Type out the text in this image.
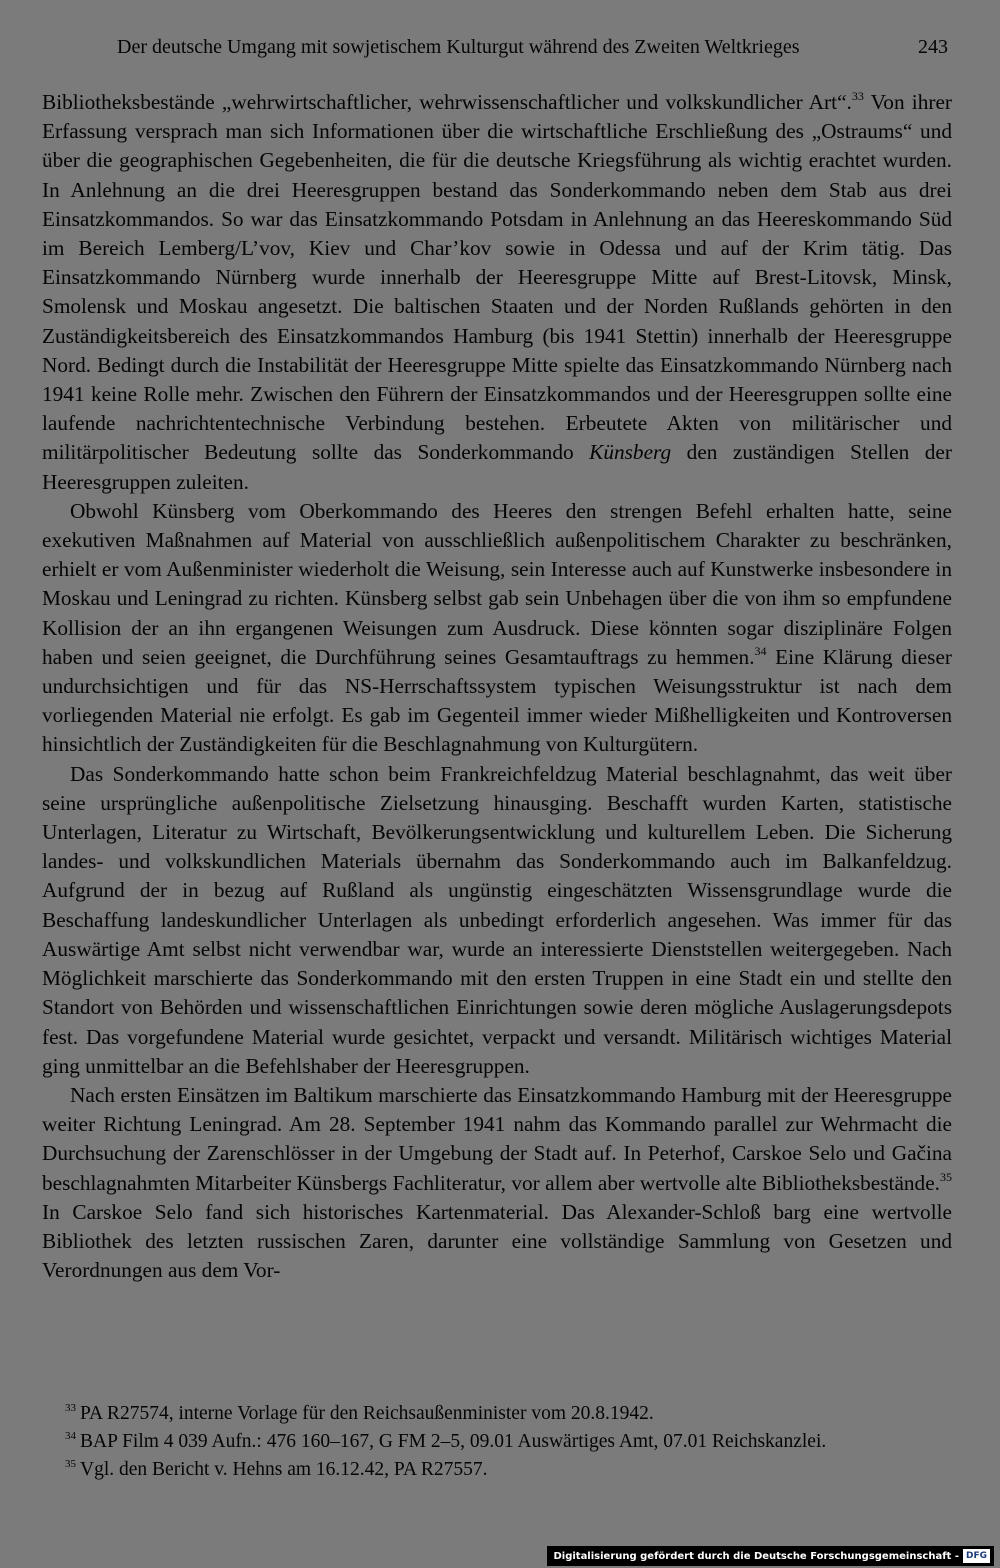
Der deutsche Umgang mit sowjetischem Kulturgut während des Zweiten Weltkrieges	243

Bibliotheksbestände „wehrwirtschaftlicher, wehrwissenschaftlicher und volkskundlicher Art“.$^{33}$ Von ihrer Erfassung versprach man sich Informationen über die wirtschaftliche Erschließung des „Ostraums“ und über die geographischen Gegebenheiten, die für die deutsche Kriegsführung als wichtig erachtet wurden. In Anlehnung an die drei Heeresgruppen bestand das Sonderkommando neben dem Stab aus drei Einsatzkommandos. So war das Einsatzkommando Potsdam in Anlehnung an das Heereskommando Süd im Bereich Lemberg/L’vov, Kiev und Char’kov sowie in Odessa und auf der Krim tätig. Das Einsatzkommando Nürnberg wurde innerhalb der Heeresgruppe Mitte auf Brest-Litovsk, Minsk, Smolensk und Moskau angesetzt. Die baltischen Staaten und der Norden Rußlands gehörten in den Zuständigkeitsbereich des Einsatzkommandos Hamburg (bis 1941 Stettin) innerhalb der Heeresgruppe Nord. Bedingt durch die Instabilität der Heeresgruppe Mitte spielte das Einsatzkommando Nürnberg nach 1941 keine Rolle mehr. Zwischen den Führern der Einsatzkommandos und der Heeresgruppen sollte eine laufende nachrichtentechnische Verbindung bestehen. Erbeutete Akten von militärischer und militärpolitischer Bedeutung sollte das Sonderkommando Künsberg den zuständigen Stellen der Heeresgruppen zuleiten.

Obwohl Künsberg vom Oberkommando des Heeres den strengen Befehl erhalten hatte, seine exekutiven Maßnahmen auf Material von ausschließlich außenpolitischem Charakter zu beschränken, erhielt er vom Außenminister wiederholt die Weisung, sein Interesse auch auf Kunstwerke insbesondere in Moskau und Leningrad zu richten. Künsberg selbst gab sein Unbehagen über die von ihm so empfundene Kollision der an ihn ergangenen Weisungen zum Ausdruck. Diese könnten sogar disziplinäre Folgen haben und seien geeignet, die Durchführung seines Gesamtauftrags zu hemmen.$^{34}$ Eine Klärung dieser undurchsichtigen und für das NS-Herrschaftssystem typischen Weisungsstruktur ist nach dem vorliegenden Material nie erfolgt. Es gab im Gegenteil immer wieder Mißhelligkeiten und Kontroversen hinsichtlich der Zuständigkeiten für die Beschlagnahmung von Kulturgütern.

Das Sonderkommando hatte schon beim Frankreichfeldzug Material beschlagnahmt, das weit über seine ursprüngliche außenpolitische Zielsetzung hinausging. Beschafft wurden Karten, statistische Unterlagen, Literatur zu Wirtschaft, Bevölkerungsentwicklung und kulturellem Leben. Die Sicherung landes- und volkskundlichen Materials übernahm das Sonderkommando auch im Balkanfeldzug. Aufgrund der in bezug auf Rußland als ungünstig eingeschätzten Wissensgrundlage wurde die Beschaffung landeskundlicher Unterlagen als unbedingt erforderlich angesehen. Was immer für das Auswärtige Amt selbst nicht verwendbar war, wurde an interessierte Dienststellen weitergegeben. Nach Möglichkeit marschierte das Sonderkommando mit den ersten Truppen in eine Stadt ein und stellte den Standort von Behörden und wissenschaftlichen Einrichtungen sowie deren mögliche Auslagerungsdepots fest. Das vorgefundene Material wurde gesichtet, verpackt und versandt. Militärisch wichtiges Material ging unmittelbar an die Befehlshaber der Heeresgruppen.

Nach ersten Einsätzen im Baltikum marschierte das Einsatzkommando Hamburg mit der Heeresgruppe weiter Richtung Leningrad. Am 28. September 1941 nahm das Kommando parallel zur Wehrmacht die Durchsuchung der Zarenschlösser in der Umgebung der Stadt auf. In Peterhof, Carskoe Selo und Gačina beschlagnahmten Mitarbeiter Künsbergs Fachliteratur, vor allem aber wertvolle alte Bibliotheksbestände.$^{35}$ In Carskoe Selo fand sich historisches Kartenmaterial. Das Alexander-Schloß barg eine wertvolle Bibliothek des letzten russischen Zaren, darunter eine vollständige Sammlung von Gesetzen und Verordnungen aus dem Vor-

$^{33}$ PA R27574, interne Vorlage für den Reichsaußenminister vom 20.8.1942.
$^{34}$ BAP Film 4 039 Aufn.: 476 160–167, G FM 2–5, 09.01 Auswärtiges Amt, 07.01 Reichskanzlei.
$^{35}$ Vgl. den Bericht v. Hehns am 16.12.42, PA R27557.
Digitalisierung gefördert durch die Deutsche Forschungsgemeinschaft - DFG
